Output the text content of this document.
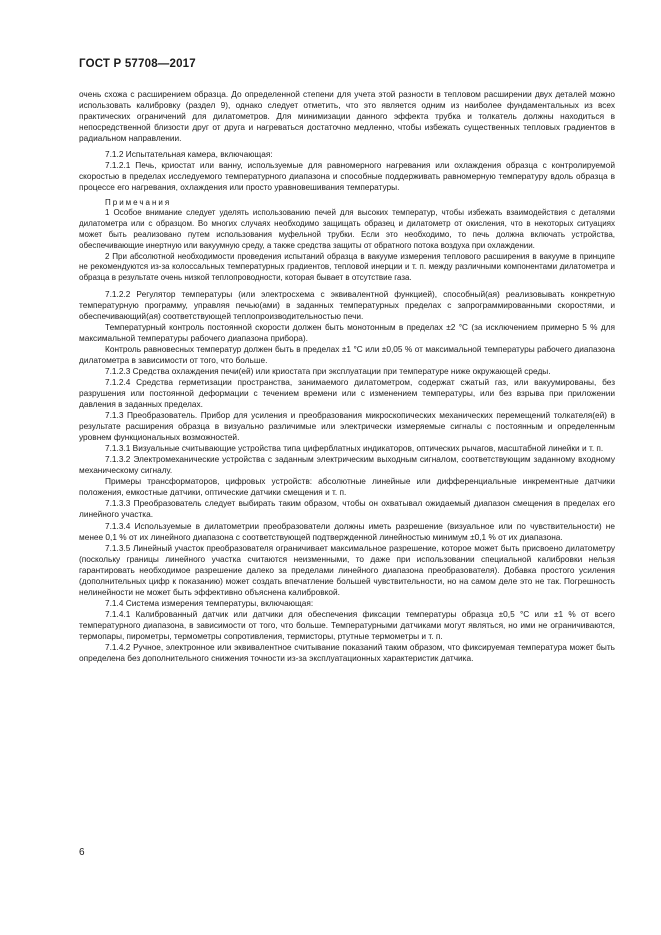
ГОСТ Р 57708—2017

очень схожа с расширением образца. До определенной степени для учета этой разности в тепловом расширении двух деталей можно использовать калибровку (раздел 9), однако следует отметить, что это является одним из наиболее фундаментальных из всех практических ограничений для дилатометров. Для минимизации данного эффекта трубка и толкатель должны находиться в непосредственной близости друг от друга и нагреваться достаточно медленно, чтобы избежать существенных тепловых градиентов в радиальном направлении.

7.1.2 Испытательная камера, включающая:

7.1.2.1 Печь, криостат или ванну, используемые для равномерного нагревания или охлаждения образца с контролируемой скоростью в пределах исследуемого температурного диапазона и способные поддерживать равномерную температуру вдоль образца в процессе его нагревания, охлаждения или просто уравновешивания температуры.

Примечания

1 Особое внимание следует уделять использованию печей для высоких температур, чтобы избежать взаимодействия с деталями дилатометра или с образцом. Во многих случаях необходимо защищать образец и дилатометр от окисления, что в некоторых ситуациях может быть реализовано путем использования муфельной трубки. Если это необходимо, то печь должна включать устройства, обеспечивающие инертную или вакуумную среду, а также средства защиты от обратного потока воздуха при охлаждении.

2 При абсолютной необходимости проведения испытаний образца в вакууме измерения теплового расширения в вакууме в принципе не рекомендуются из-за колоссальных температурных градиентов, тепловой инерции и т. п. между различными компонентами дилатометра и образца в результате очень низкой теплопроводности, которая бывает в отсутствие газа.

7.1.2.2 Регулятор температуры (или электросхема с эквивалентной функцией), способный(ая) реализовывать конкретную температурную программу, управляя печью(ами) в заданных температурных пределах с запрограммированными скоростями, и обеспечивающий(ая) соответствующей теплопроизводительностью печи.

Температурный контроль постоянной скорости должен быть монотонным в пределах ±2 °С (за исключением примерно 5 % для максимальной температуры рабочего диапазона прибора).

Контроль равновесных температур должен быть в пределах ±1 °С или ±0,05 % от максимальной температуры рабочего диапазона дилатометра в зависимости от того, что больше.

7.1.2.3 Средства охлаждения печи(ей) или криостата при эксплуатации при температуре ниже окружающей среды.

7.1.2.4 Средства герметизации пространства, занимаемого дилатометром, содержат сжатый газ, или вакуумированы, без разрушения или постоянной деформации с течением времени или с изменением температуры, или без взрыва при приложении давления в заданных пределах.

7.1.3 Преобразователь. Прибор для усиления и преобразования микроскопических механических перемещений толкателя(ей) в результате расширения образца в визуально различимые или электрически измеряемые сигналы с постоянным и определенным уровнем функциональных возможностей.

7.1.3.1 Визуальные считывающие устройства типа циферблатных индикаторов, оптических рычагов, масштабной линейки и т. п.

7.1.3.2 Электромеханические устройства с заданным электрическим выходным сигналом, соответствующим заданному входному механическому сигналу.

Примеры трансформаторов, цифровых устройств: абсолютные линейные или дифференциальные инкрементные датчики положения, емкостные датчики, оптические датчики смещения и т. п.

7.1.3.3 Преобразователь следует выбирать таким образом, чтобы он охватывал ожидаемый диапазон смещения в пределах его линейного участка.

7.1.3.4 Используемые в дилатометрии преобразователи должны иметь разрешение (визуальное или по чувствительности) не менее 0,1 % от их линейного диапазона с соответствующей подтвержденной линейностью минимум ±0,1 % от их диапазона.

7.1.3.5 Линейный участок преобразователя ограничивает максимальное разрешение, которое может быть присвоено дилатометру (поскольку границы линейного участка считаются неизменными, то даже при использовании специальной калибровки нельзя гарантировать необходимое разрешение далеко за пределами линейного диапазона преобразователя). Добавка простого усиления (дополнительных цифр к показанию) может создать впечатление большей чувствительности, но на самом деле это не так. Погрешность нелинейности не может быть эффективно объяснена калибровкой.

7.1.4 Система измерения температуры, включающая:

7.1.4.1 Калиброванный датчик или датчики для обеспечения фиксации температуры образца ±0,5 °С или ±1 % от всего температурного диапазона, в зависимости от того, что больше. Температурными датчиками могут являться, но ими не ограничиваются, термопары, пирометры, термометры сопротивления, термисторы, ртутные термометры и т. п.

7.1.4.2 Ручное, электронное или эквивалентное считывание показаний таким образом, что фиксируемая температура может быть определена без дополнительного снижения точности из-за эксплуатационных характеристик датчика.

6
